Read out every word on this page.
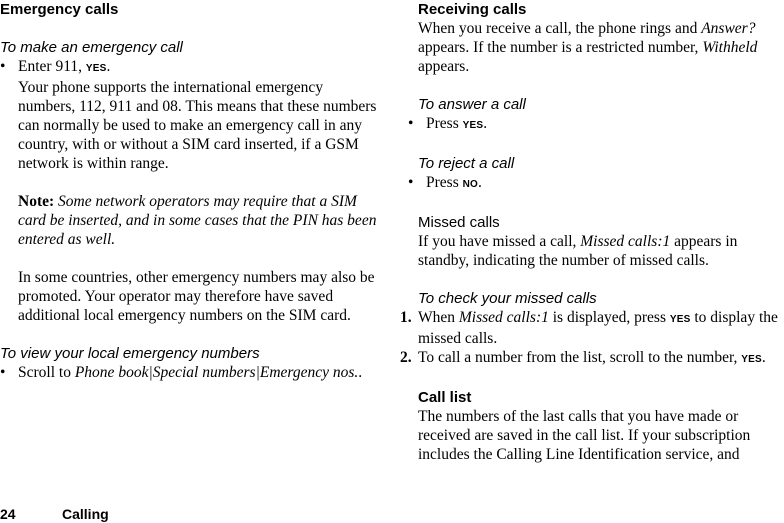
Emergency calls
To make an emergency call
• Enter 911, YES.
Your phone supports the international emergency numbers, 112, 911 and 08. This means that these numbers can normally be used to make an emergency call in any country, with or without a SIM card inserted, if a GSM network is within range.
Note: Some network operators may require that a SIM card be inserted, and in some cases that the PIN has been entered as well.
In some countries, other emergency numbers may also be promoted. Your operator may therefore have saved additional local emergency numbers on the SIM card.
To view your local emergency numbers
• Scroll to Phone book|Special numbers|Emergency nos..
Receiving calls
When you receive a call, the phone rings and Answer? appears. If the number is a restricted number, Withheld appears.
To answer a call
• Press YES.
To reject a call
• Press NO.
Missed calls
If you have missed a call, Missed calls:1 appears in standby, indicating the number of missed calls.
To check your missed calls
1. When Missed calls:1 is displayed, press YES to display the missed calls.
2. To call a number from the list, scroll to the number, YES.
Call list
The numbers of the last calls that you have made or received are saved in the call list. If your subscription includes the Calling Line Identification service, and
24	Calling
